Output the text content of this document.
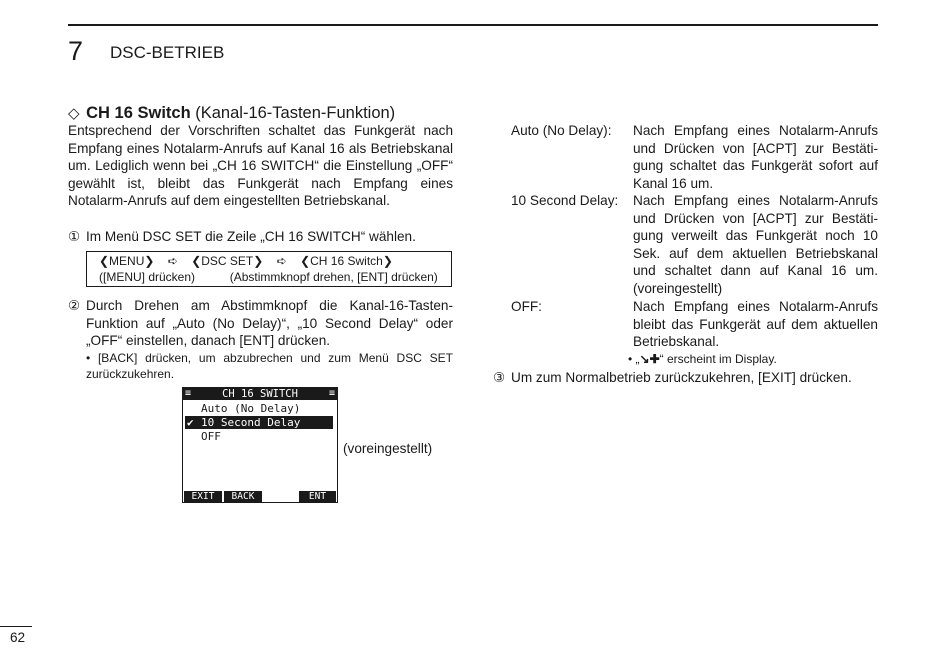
7 DSC-BETRIEB
◇ CH 16 Switch (Kanal-16-Tasten-Funktion)
Entsprechend der Vorschriften schaltet das Funkgerät nach Empfang eines Notalarm-Anrufs auf Kanal 16 als Betriebskanal um. Lediglich wenn bei „CH 16 SWITCH“ die Einstellung „OFF“ gewählt ist, bleibt das Funkgerät nach Empfang eines Notalarm-Anrufs auf dem eingestellten Betriebskanal.
① Im Menü DSC SET die Zeile „CH 16 SWITCH“ wählen.
❮MENU❯ ➪ ❮DSC SET❯ ➪ ❮CH 16 Switch❯
([MENU] drücken)	(Abstimmknopf drehen, [ENT] drücken)
② Durch Drehen am Abstimmknopf die Kanal-16-Tasten-Funktion auf „Auto (No Delay)“, „10 Second Delay“ oder „OFF“ einstellen, danach [ENT] drücken.
• [BACK] drücken, um abzubrechen und zum Menü DSC SET zurückzukehren.
CH 16 SWITCH
≡	≡
Auto (No Delay)
✔ 10 Second Delay
OFF
EXIT	BACK	ENT
(voreingestellt)
Auto (No Delay): Nach Empfang eines Notalarm-Anrufs und Drücken von [ACPT] zur Bestätigung schaltet das Funkgerät sofort auf Kanal 16 um.
10 Second Delay: Nach Empfang eines Notalarm-Anrufs und Drücken von [ACPT] zur Bestätigung verweilt das Funkgerät noch 10 Sek. auf dem aktuellen Betriebskanal und schaltet dann auf Kanal 16 um. (voreingestellt)
OFF:	Nach Empfang eines Notalarm-Anrufs bleibt das Funkgerät auf dem aktuellen Betriebskanal.
• „↘✚“ erscheint im Display.
③ Um zum Normalbetrieb zurückzukehren, [EXIT] drücken.
62
